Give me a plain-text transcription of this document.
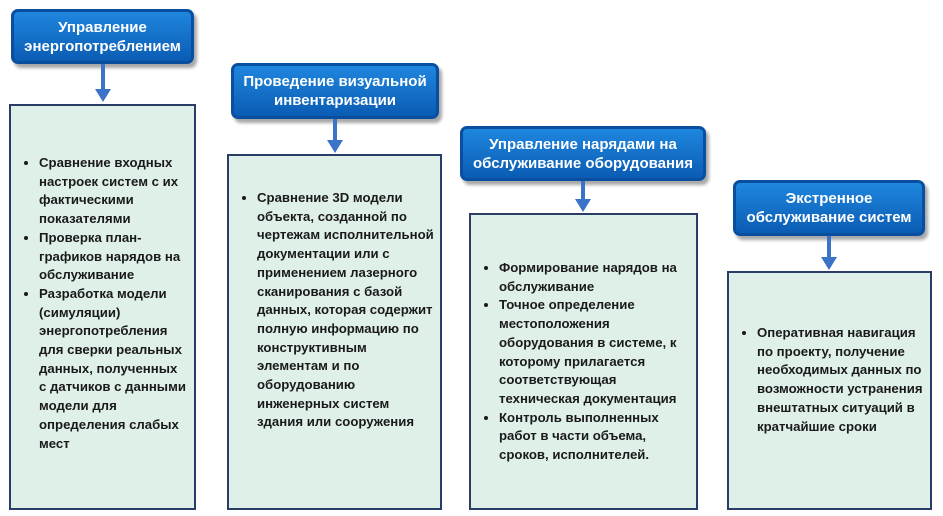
Управление энергопотреблением
• Сравнение входных настроек систем с их фактическими показателями
• Проверка план-графиков нарядов на обслуживание
• Разработка модели (симуляции) энергопотребления для сверки реальных данных, полученных с датчиков с данными модели для определения слабых мест
Проведение визуальной инвентаризации
• Сравнение 3D модели объекта, созданной по чертежам исполнительной документации или с применением лазерного сканирования с базой данных, которая содержит полную информацию по конструктивным элементам и по оборудованию инженерных систем здания или сооружения
Управление нарядами на обслуживание оборудования
• Формирование нарядов на обслуживание
• Точное определение местоположения оборудования в системе, к которому прилагается соответствующая техническая документация
• Контроль выполненных работ в части объема, сроков, исполнителей.
Экстренное обслуживание систем
• Оперативная навигация по проекту, получение необходимых данных по возможности устранения внештатных ситуаций в кратчайшие сроки
